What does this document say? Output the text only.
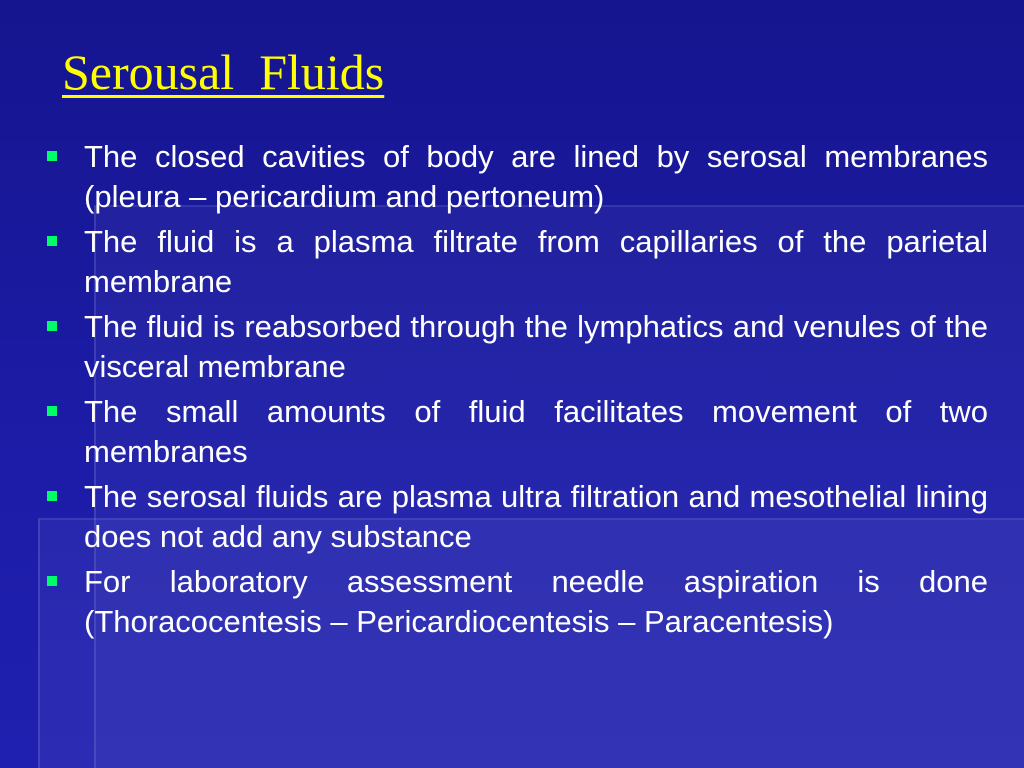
Serousal  Fluids
The closed cavities of body are lined by serosal membranes (pleura – pericardium and pertoneum)
The fluid is a plasma filtrate from capillaries of the parietal membrane
The fluid is reabsorbed through the lymphatics and venules of the visceral membrane
The small amounts of fluid facilitates movement of two membranes
The serosal fluids are plasma ultra filtration and mesothelial lining does not add any substance
For laboratory assessment needle aspiration is done (Thoracocentesis – Pericardiocentesis – Paracentesis)
